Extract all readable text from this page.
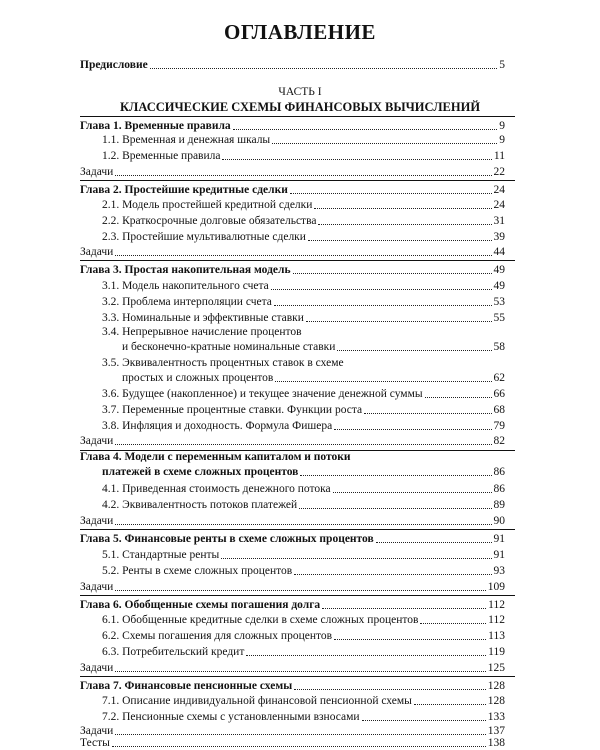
ОГЛАВЛЕНИЕ
Предисловие	5
ЧАСТЬ I
КЛАССИЧЕСКИЕ СХЕМЫ ФИНАНСОВЫХ ВЫЧИСЛЕНИЙ
Глава 1. Временные правила	9
1.1. Временная и денежная шкалы	9
1.2. Временные правила	11
Задачи	22
Глава 2. Простейшие кредитные сделки	24
2.1. Модель простейшей кредитной сделки	24
2.2. Краткосрочные долговые обязательства	31
2.3. Простейшие мультивалютные сделки	39
Задачи	44
Глава 3. Простая накопительная модель	49
3.1. Модель накопительного счета	49
3.2. Проблема интерполяции счета	53
3.3. Номинальные и эффективные ставки	55
3.4. Непрерывное начисление процентов
и бесконечно-кратные номинальные ставки	58
3.5. Эквивалентность процентных ставок в схеме
простых и сложных процентов	62
3.6. Будущее (накопленное) и текущее значение денежной суммы	66
3.7. Переменные процентные ставки. Функции роста	68
3.8. Инфляция и доходность. Формула Фишера	79
Задачи	82
Глава 4. Модели с переменным капиталом и потоки
платежей в схеме сложных процентов	86
4.1. Приведенная стоимость денежного потока	86
4.2. Эквивалентность потоков платежей	89
Задачи	90
Глава 5. Финансовые ренты в схеме сложных процентов	91
5.1. Стандартные ренты	91
5.2. Ренты в схеме сложных процентов	93
Задачи	109
Глава 6. Обобщенные схемы погашения долга	112
6.1. Обобщенные кредитные сделки в схеме сложных процентов	112
6.2. Схемы погашения для сложных процентов	113
6.3. Потребительский кредит	119
Задачи	125
Глава 7. Финансовые пенсионные схемы	128
7.1. Описание индивидуальной финансовой пенсионной схемы	128
7.2. Пенсионные схемы с установленными взносами	133
Задачи	137
Тесты	138
